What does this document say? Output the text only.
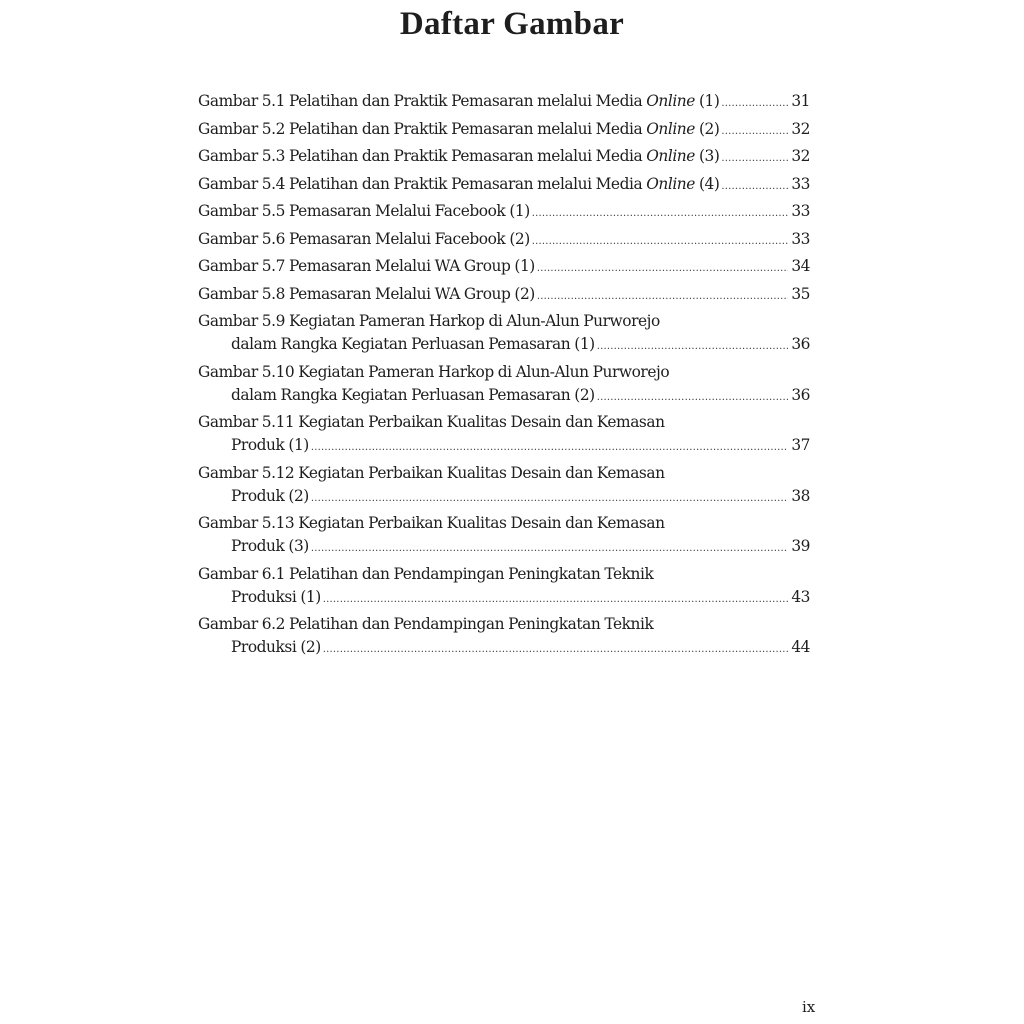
Daftar Gambar
Gambar 5.1 Pelatihan dan Praktik Pemasaran melalui Media Online (1) .....	31
Gambar 5.2 Pelatihan dan Praktik Pemasaran melalui Media Online (2) .....	32
Gambar 5.3 Pelatihan dan Praktik Pemasaran melalui Media Online (3) .....	32
Gambar 5.4 Pelatihan dan Praktik Pemasaran melalui Media Online (4) .....	33
Gambar 5.5 Pemasaran Melalui Facebook (1) .....	33
Gambar 5.6 Pemasaran Melalui Facebook (2) .....	33
Gambar 5.7 Pemasaran Melalui WA Group (1) .....	34
Gambar 5.8 Pemasaran Melalui WA Group (2) .....	35
Gambar 5.9 Kegiatan Pameran Harkop di Alun-Alun Purworejo
dalam Rangka Kegiatan Perluasan Pemasaran (1) .....	36
Gambar 5.10 Kegiatan Pameran Harkop di Alun-Alun Purworejo
dalam Rangka Kegiatan Perluasan Pemasaran (2) .....	36
Gambar 5.11 Kegiatan Perbaikan Kualitas Desain dan Kemasan
Produk (1) .....	37
Gambar 5.12 Kegiatan Perbaikan Kualitas Desain dan Kemasan
Produk (2) .....	38
Gambar 5.13 Kegiatan Perbaikan Kualitas Desain dan Kemasan
Produk (3) .....	39
Gambar 6.1 Pelatihan dan Pendampingan Peningkatan Teknik
Produksi (1) .....	43
Gambar 6.2 Pelatihan dan Pendampingan Peningkatan Teknik
Produksi (2) .....	44
ix
